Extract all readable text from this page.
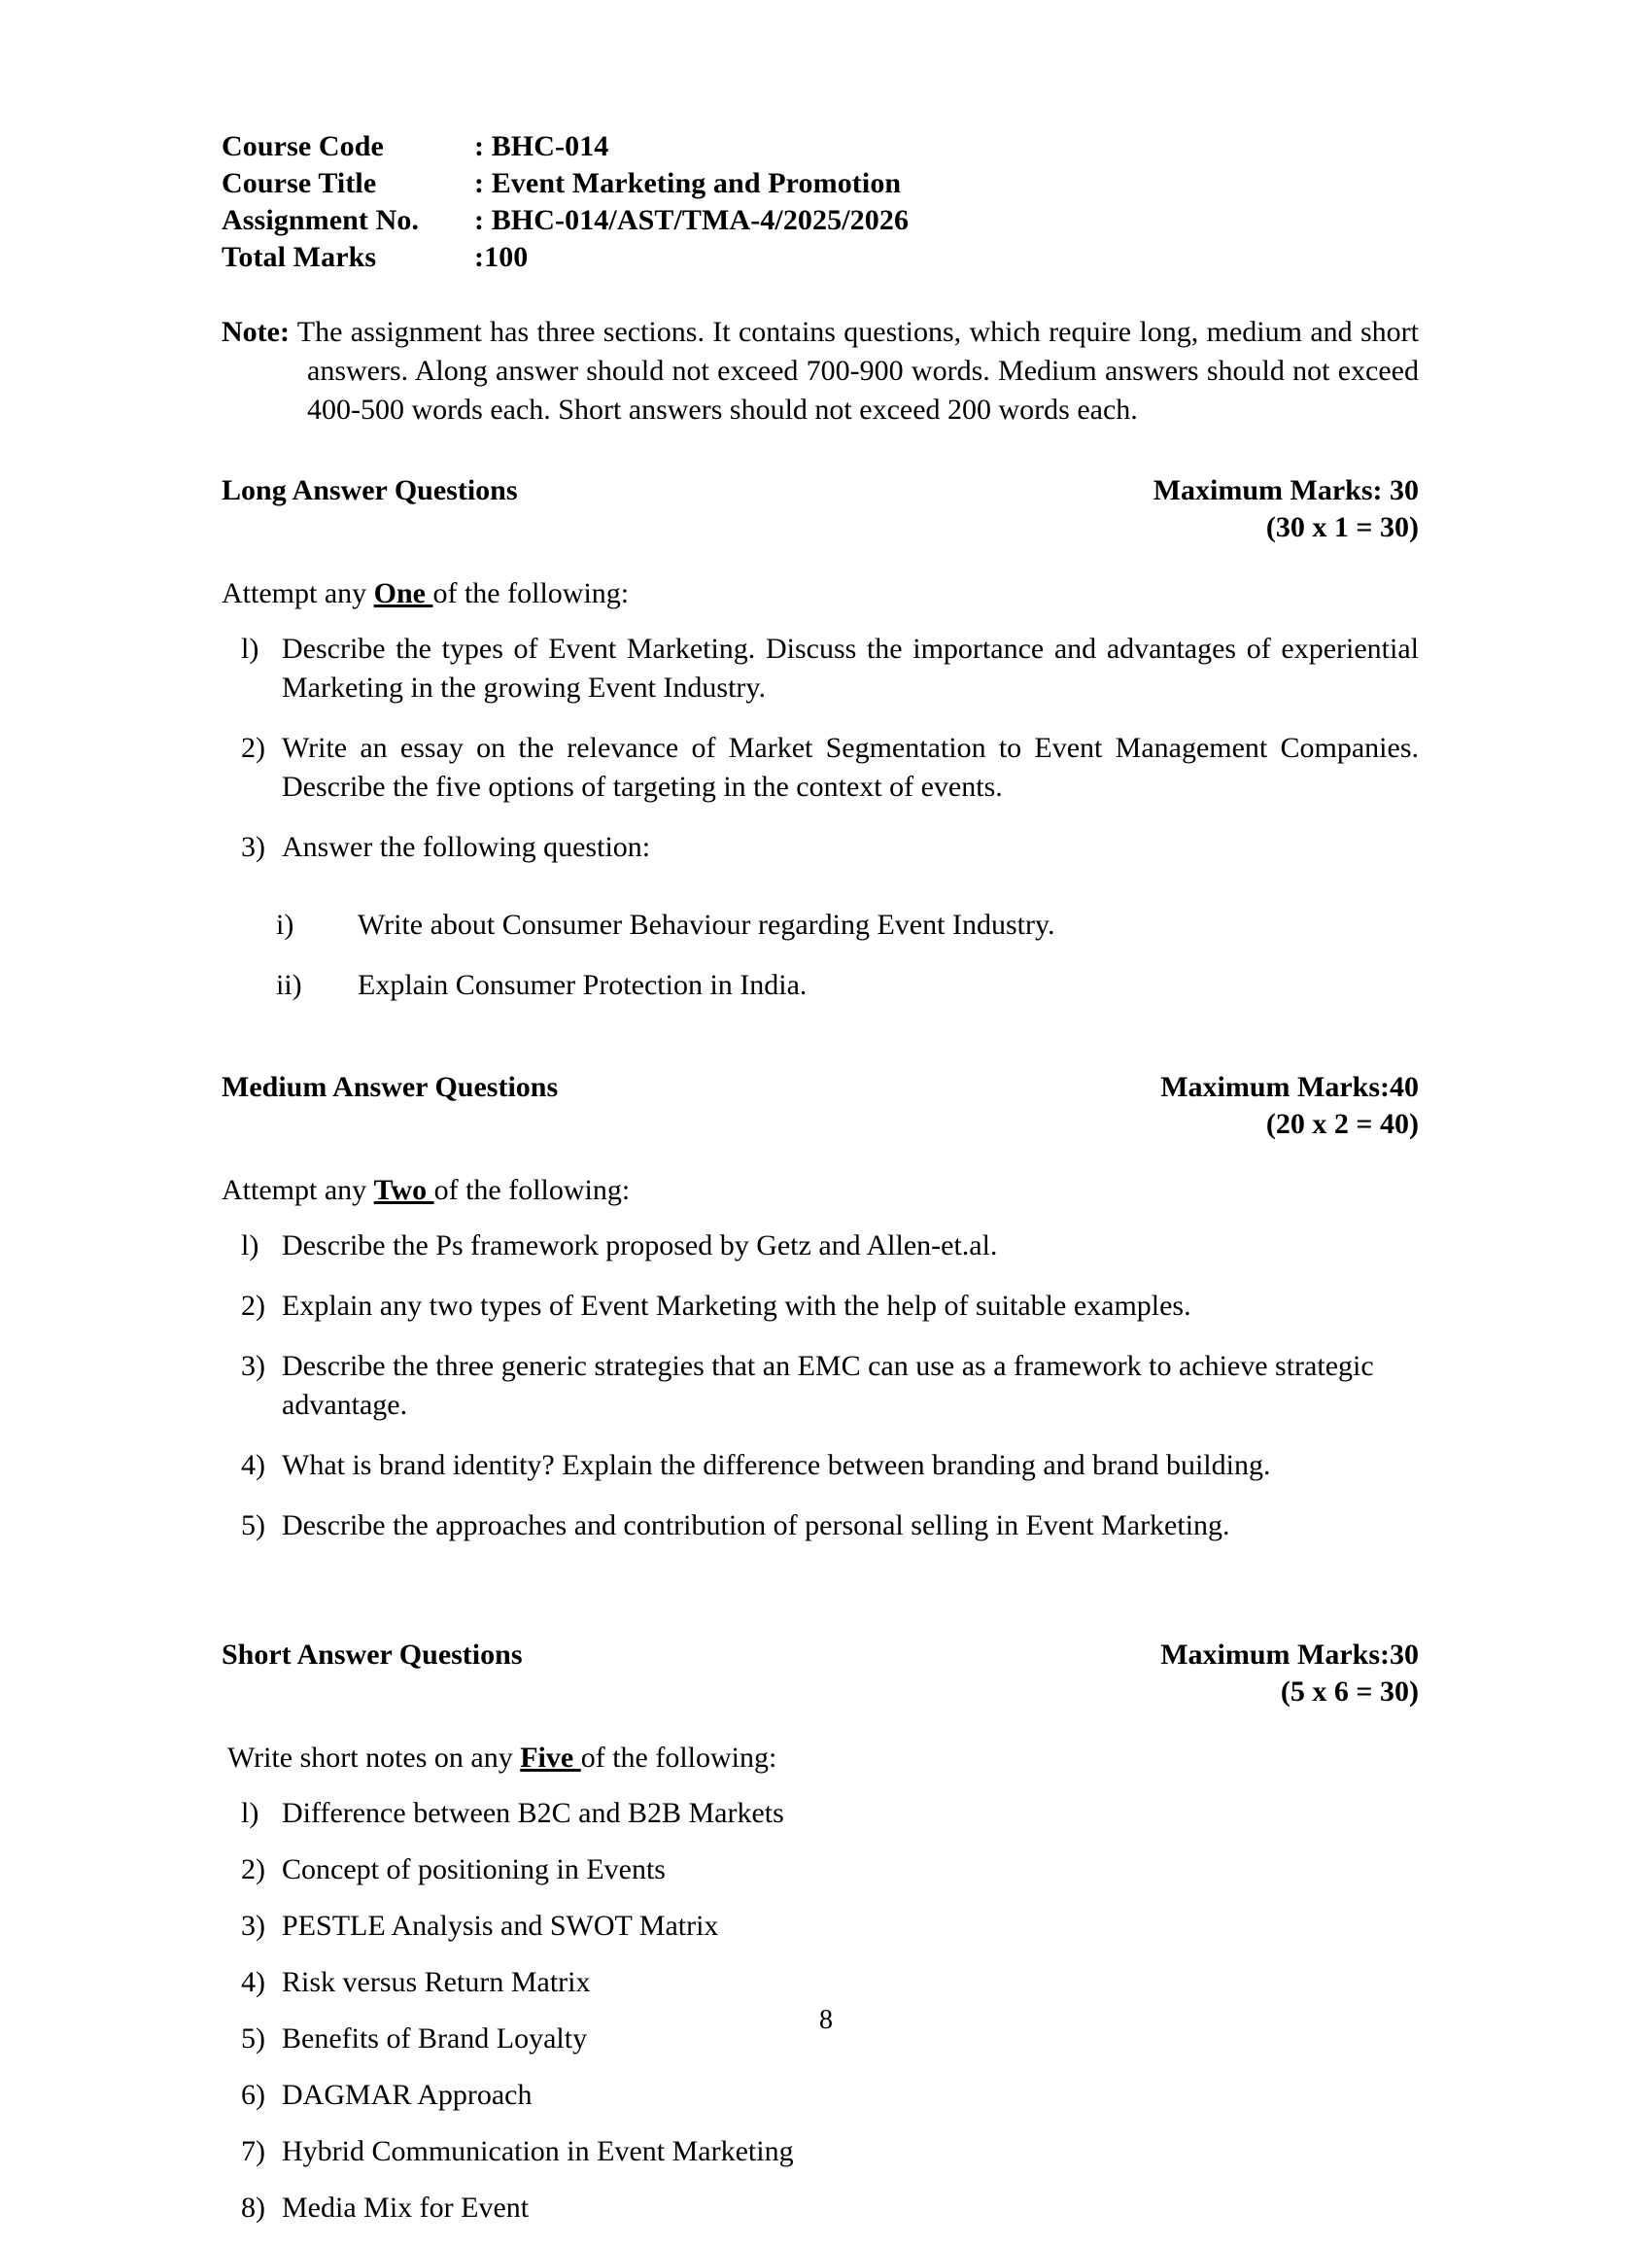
Course Code	: BHC-014
Course Title	: Event Marketing and Promotion
Assignment No.	: BHC-014/AST/TMA-4/2025/2026
Total Marks	:100
Note: The assignment has three sections. It contains questions, which require long, medium and short answers. Along answer should not exceed 700-900 words. Medium answers should not exceed 400-500 words each. Short answers should not exceed 200 words each.
Long Answer Questions	Maximum Marks: 30
(30 x 1 = 30)
Attempt any One of the following:
l) Describe the types of Event Marketing. Discuss the importance and advantages of experiential Marketing in the growing Event Industry.
2) Write an essay on the relevance of Market Segmentation to Event Management Companies. Describe the five options of targeting in the context of events.
3) Answer the following question:
i)	Write about Consumer Behaviour regarding Event Industry.
ii)	Explain Consumer Protection in India.
Medium Answer Questions	Maximum Marks:40
(20 x 2 = 40)
Attempt any Two of the following:
l) Describe the Ps framework proposed by Getz and Allen-et.al.
2) Explain any two types of Event Marketing with the help of suitable examples.
3) Describe the three generic strategies that an EMC can use as a framework to achieve strategic advantage.
4) What is brand identity? Explain the difference between branding and brand building.
5) Describe the approaches and contribution of personal selling in Event Marketing.
Short Answer Questions	Maximum Marks:30
(5 x 6 = 30)
Write short notes on any Five of the following:
l) Difference between B2C and B2B Markets
2) Concept of positioning in Events
3) PESTLE Analysis and SWOT Matrix
4) Risk versus Return Matrix
5) Benefits of Brand Loyalty
6) DAGMAR Approach
7) Hybrid Communication in Event Marketing
8) Media Mix for Event
8
